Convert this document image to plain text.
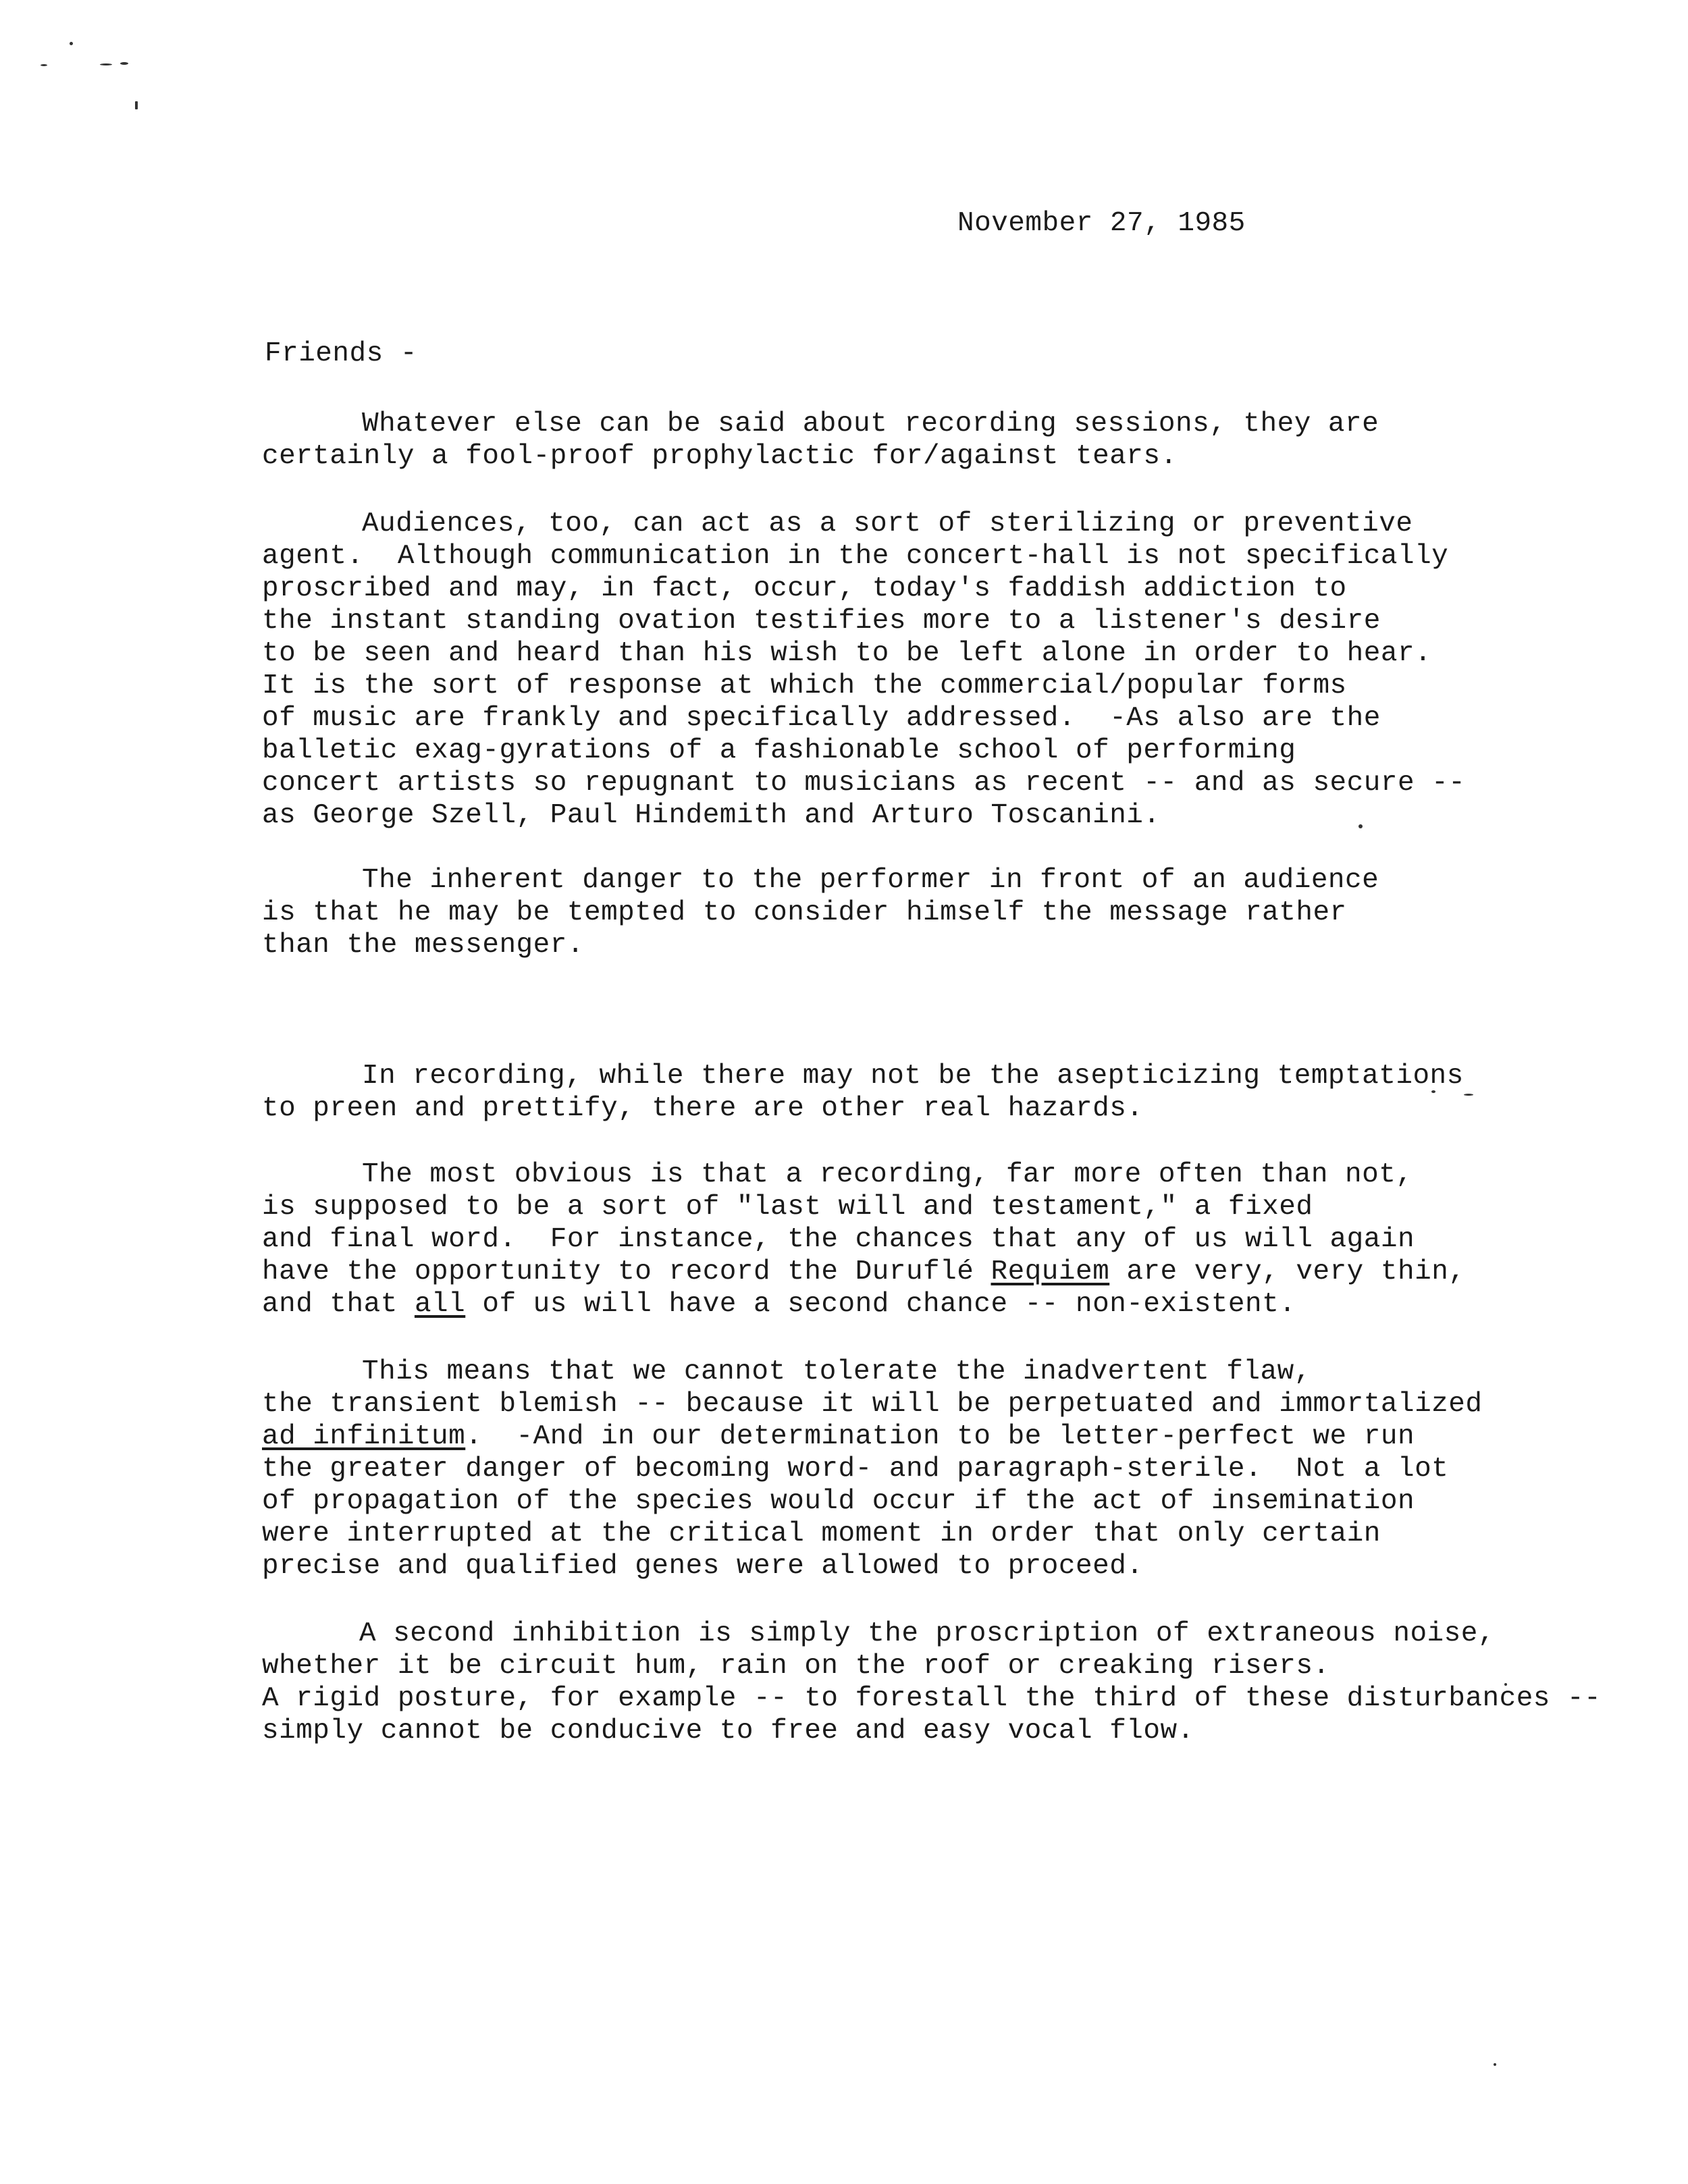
November 27, 1985
Friends -
Whatever else can be said about recording sessions, they are
certainly a fool-proof prophylactic for/against tears.
Audiences, too, can act as a sort of sterilizing or preventive
agent.  Although communication in the concert-hall is not specifically
proscribed and may, in fact, occur, today's faddish addiction to
the instant standing ovation testifies more to a listener's desire
to be seen and heard than his wish to be left alone in order to hear.
It is the sort of response at which the commercial/popular forms
of music are frankly and specifically addressed.  -As also are the
balletic exag-gyrations of a fashionable school of performing
concert artists so repugnant to musicians as recent -- and as secure --
as George Szell, Paul Hindemith and Arturo Toscanini.
The inherent danger to the performer in front of an audience
is that he may be tempted to consider himself the message rather
than the messenger.
In recording, while there may not be the asepticizing temptations
to preen and prettify, there are other real hazards.
The most obvious is that a recording, far more often than not,
is supposed to be a sort of "last will and testament," a fixed
and final word.  For instance, the chances that any of us will again
have the opportunity to record the Duruflé Requiem are very, very thin,
and that all of us will have a second chance -- non-existent.
This means that we cannot tolerate the inadvertent flaw,
the transient blemish -- because it will be perpetuated and immortalized
ad infinitum.  -And in our determination to be letter-perfect we run
the greater danger of becoming word- and paragraph-sterile.  Not a lot
of propagation of the species would occur if the act of insemination
were interrupted at the critical moment in order that only certain
precise and qualified genes were allowed to proceed.
A second inhibition is simply the proscription of extraneous noise,
whether it be circuit hum, rain on the roof or creaking risers.
A rigid posture, for example -- to forestall the third of these disturbances --
simply cannot be conducive to free and easy vocal flow.
